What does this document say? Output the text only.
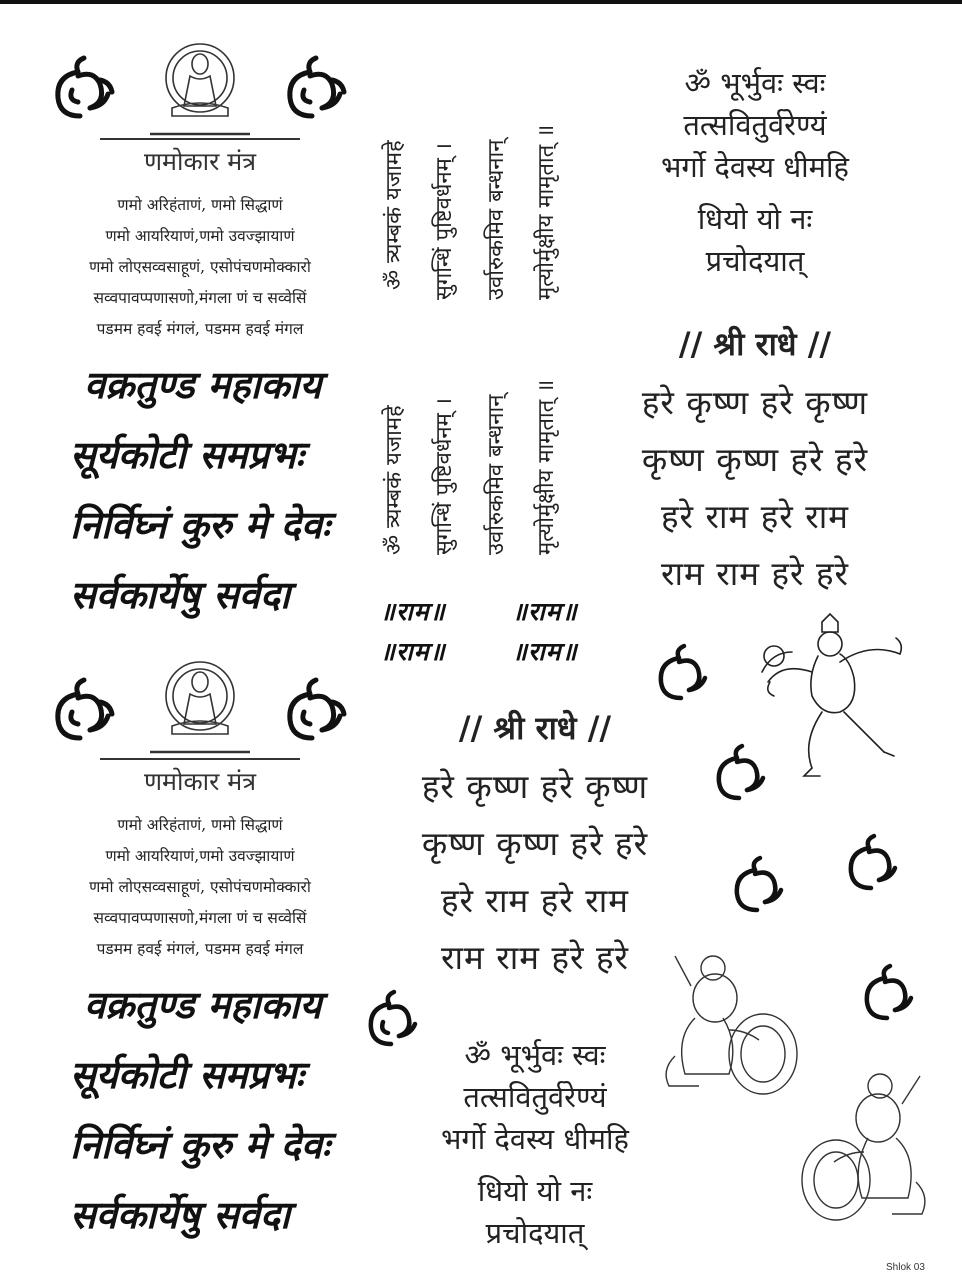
णमोकार मंत्र
णमो अरिहंताणं, णमो सिद्धाणं
णमो आयरियाणं,णमो उवज्झायाणं
णमो लोएसव्वसाहूणं, एसोपंचणमोक्कारो
सव्वपावप्पणासणो,मंगला णं च सव्वेसिं
पडमम हवई मंगलं, पडमम हवई मंगल
वक्रतुण्ड महाकाय
सूर्यकोटी समप्रभः
निर्विघ्नं कुरु मे देवः
सर्वकार्येषु सर्वदा
णमोकार मंत्र
णमो अरिहंताणं, णमो सिद्धाणं
णमो आयरियाणं,णमो उवज्झायाणं
णमो लोएसव्वसाहूणं, एसोपंचणमोक्कारो
सव्वपावप्पणासणो,मंगला णं च सव्वेसिं
पडमम हवई मंगलं, पडमम हवई मंगल
वक्रतुण्ड महाकाय
सूर्यकोटी समप्रभः
निर्विघ्नं कुरु मे देवः
सर्वकार्येषु सर्वदा
ॐ त्र्यम्बकं यजामहे सुगन्धिं पुष्टिवर्धनम् । उर्वारुकमिव बन्धनान् मृत्योर्मुक्षीय मामृतात् ॥
ॐ त्र्यम्बकं यजामहे सुगन्धिं पुष्टिवर्धनम् । उर्वारुकमिव बन्धनान् मृत्योर्मुक्षीय मामृतात् ॥
॥राम॥	॥राम॥
॥राम॥	॥राम॥
// श्री राधे //
हरे कृष्ण हरे कृष्ण
कृष्ण कृष्ण हरे हरे
हरे राम हरे राम
राम राम हरे हरे
ॐ भूर्भुवः स्वः
तत्सवितुर्वरेण्यं
भर्गो देवस्य धीमहि
धियो यो नः
प्रचोदयात्
ॐ भूर्भुवः स्वः
तत्सवितुर्वरेण्यं
भर्गो देवस्य धीमहि
धियो यो नः
प्रचोदयात्
// श्री राधे //
हरे कृष्ण हरे कृष्ण
कृष्ण कृष्ण हरे हरे
हरे राम हरे राम
राम राम हरे हरे
Shlok 03
